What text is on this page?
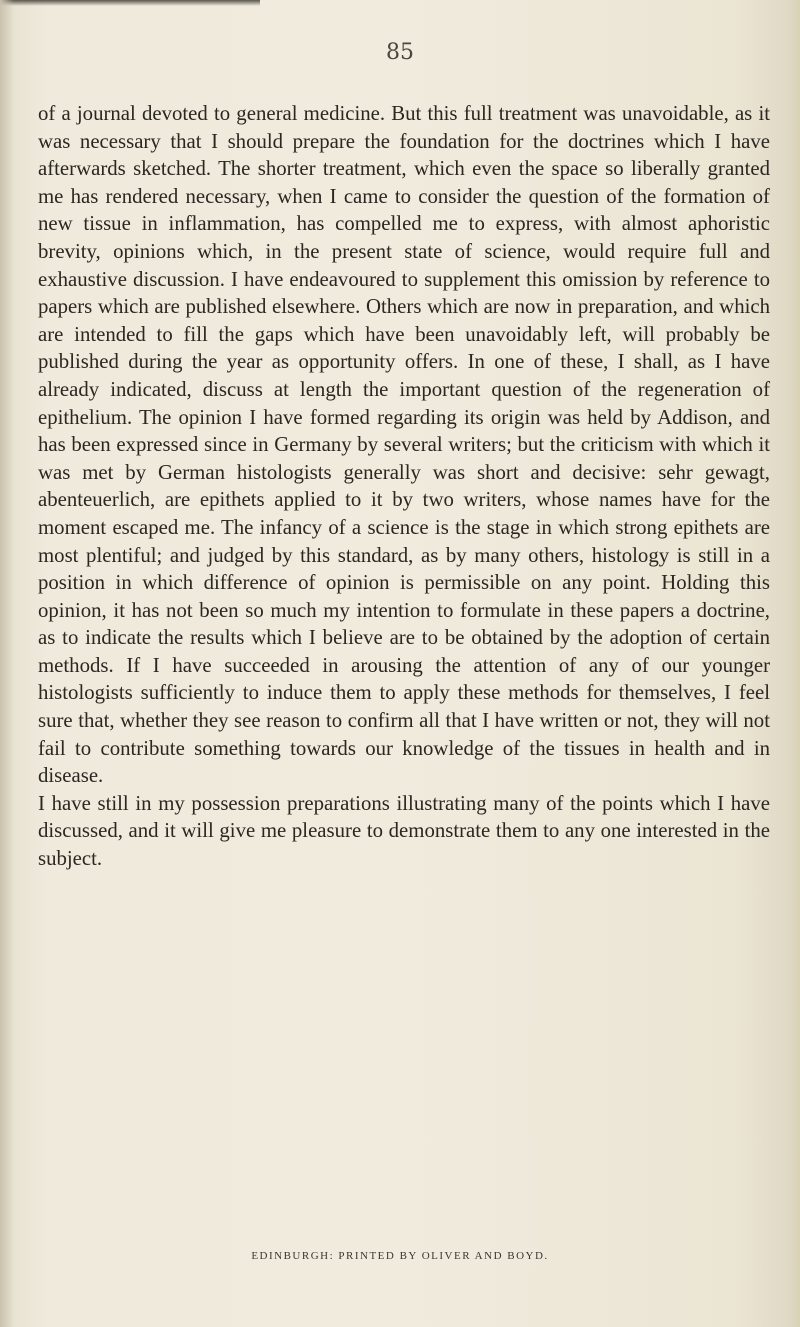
85

of a journal devoted to general medicine. But this full treatment was unavoidable, as it was necessary that I should prepare the foundation for the doctrines which I have afterwards sketched. The shorter treatment, which even the space so liberally granted me has rendered necessary, when I came to consider the question of the formation of new tissue in inflammation, has compelled me to express, with almost aphoristic brevity, opinions which, in the present state of science, would require full and exhaustive discussion. I have endeavoured to supplement this omission by reference to papers which are published elsewhere. Others which are now in preparation, and which are intended to fill the gaps which have been unavoidably left, will probably be published during the year as opportunity offers. In one of these, I shall, as I have already indicated, discuss at length the important question of the regeneration of epithelium. The opinion I have formed regarding its origin was held by Addison, and has been expressed since in Germany by several writers; but the criticism with which it was met by German histologists generally was short and decisive: sehr gewagt, abenteuerlich, are epithets applied to it by two writers, whose names have for the moment escaped me. The infancy of a science is the stage in which strong epithets are most plentiful; and judged by this standard, as by many others, histology is still in a position in which difference of opinion is permissible on any point. Holding this opinion, it has not been so much my intention to formulate in these papers a doctrine, as to indicate the results which I believe are to be obtained by the adoption of certain methods. If I have succeeded in arousing the attention of any of our younger histologists sufficiently to induce them to apply these methods for themselves, I feel sure that, whether they see reason to confirm all that I have written or not, they will not fail to contribute something towards our knowledge of the tissues in health and in disease.

I have still in my possession preparations illustrating many of the points which I have discussed, and it will give me pleasure to demonstrate them to any one interested in the subject.

EDINBURGH: PRINTED BY OLIVER AND BOYD.
